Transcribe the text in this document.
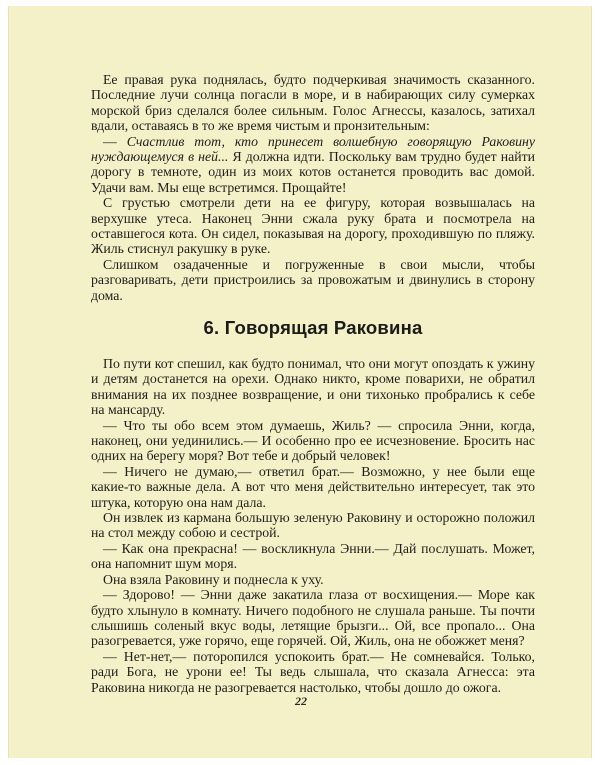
Ее правая рука поднялась, будто подчеркивая значимость сказанного. Последние лучи солнца погасли в море, и в набирающих силу сумерках морской бриз сделался более сильным. Голос Агнессы, казалось, затихал вдали, оставаясь в то же время чистым и пронзительным:

— Счастлив тот, кто принесет волшебную говорящую Раковину нуждающемуся в ней... Я должна идти. Поскольку вам трудно будет найти дорогу в темноте, один из моих котов останется проводить вас домой. Удачи вам. Мы еще встретимся. Прощайте!

С грустью смотрели дети на ее фигуру, которая возвышалась на верхушке утеса. Наконец Энни сжала руку брата и посмотрела на оставшегося кота. Он сидел, показывая на дорогу, проходившую по пляжу. Жиль стиснул ракушку в руке.

Слишком озадаченные и погруженные в свои мысли, чтобы разговаривать, дети пристроились за провожатым и двинулись в сторону дома.

6. Говорящая Раковина

По пути кот спешил, как будто понимал, что они могут опоздать к ужину и детям достанется на орехи. Однако никто, кроме поварихи, не обратил внимания на их позднее возвращение, и они тихонько пробрались к себе на мансарду.

— Что ты обо всем этом думаешь, Жиль? — спросила Энни, когда, наконец, они уединились.— И особенно про ее исчезновение. Бросить нас одних на берегу моря? Вот тебе и добрый человек!

— Ничего не думаю,— ответил брат.— Возможно, у нее были еще какие-то важные дела. А вот что меня действительно интересует, так это штука, которую она нам дала.

Он извлек из кармана большую зеленую Раковину и осторожно положил на стол между собою и сестрой.

— Как она прекрасна! — воскликнула Энни.— Дай послушать. Может, она напомнит шум моря.

Она взяла Раковину и поднесла к уху.

— Здорово! — Энни даже закатила глаза от восхищения.— Море как будто хлынуло в комнату. Ничего подобного не слушала раньше. Ты почти слышишь соленый вкус воды, летящие брызги... Ой, все пропало... Она разогревается, уже горячо, еще горячей. Ой, Жиль, она не обожжет меня?

— Нет-нет,— поторопился успокоить брат.— Не сомневайся. Только, ради Бога, не урони ее! Ты ведь слышала, что сказала Агнесса: эта Раковина никогда не разогревается настолько, чтобы дошло до ожога.

22
